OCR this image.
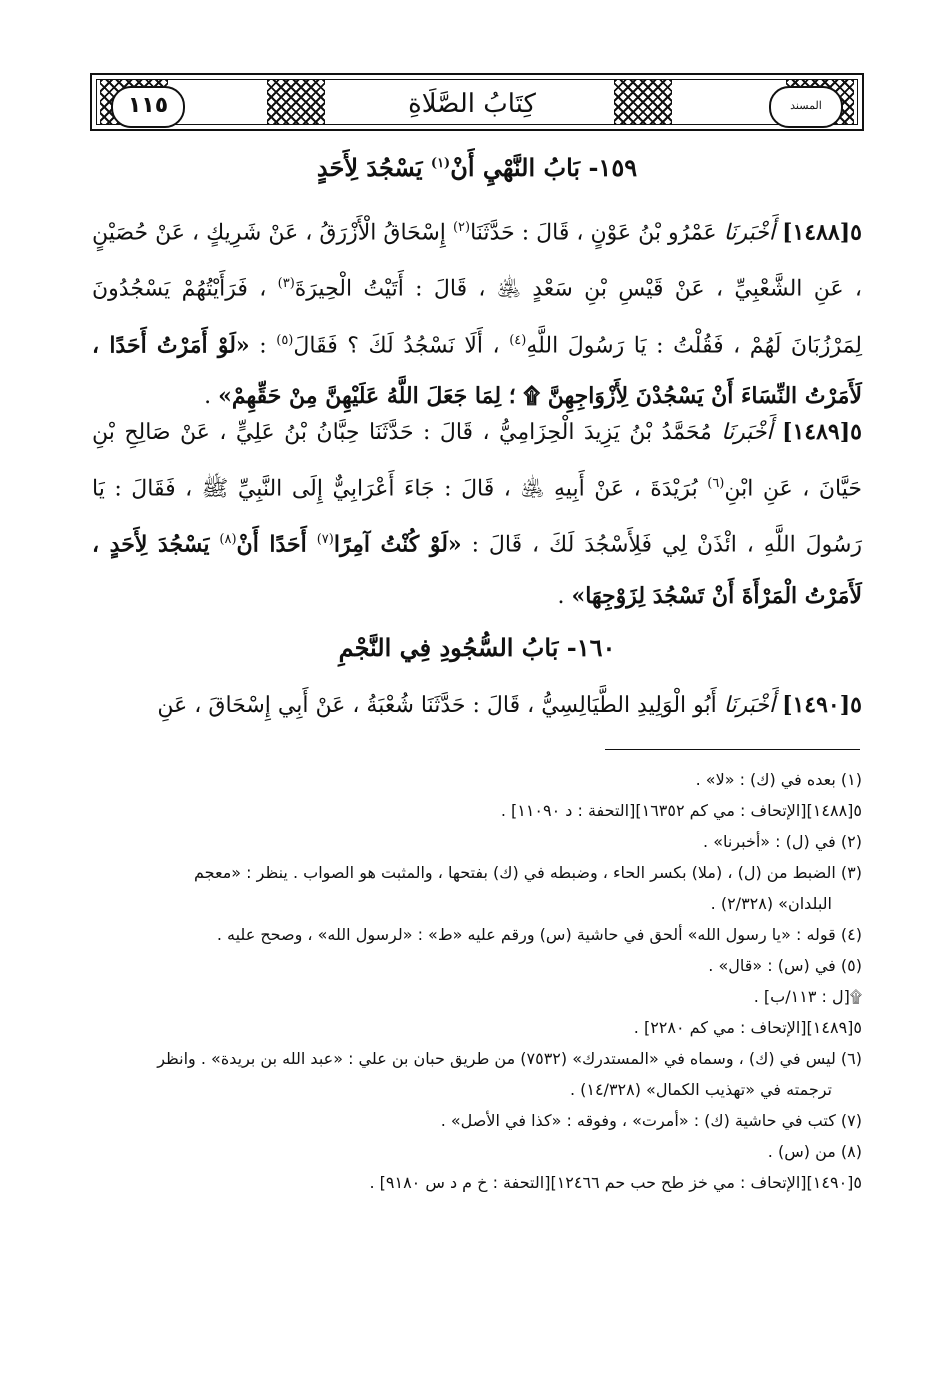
١١٥	كِتَابُ الصَّلَاةِ	المسند
١٥٩- بَابُ النَّهْيِ أَنْ$^{(١)}$ يَسْجُدَ لِأَحَدٍ
٥[١٤٨٨] أَخْبَرنَا عَمْرُو بْنُ عَوْنٍ ، قَالَ : حَدَّثَنَا$^{(٢)}$ إِسْحَاقُ الْأَزْرَقُ ، عَنْ شَرِيكٍ ، عَنْ حُصَيْنٍ ، عَنِ الشَّعْبِيِّ ، عَنْ قَيْسِ بْنِ سَعْدٍ ﵁ ، قَالَ : أَتَيْتُ الْحِيرَةَ$^{(٣)}$ ، فَرَأَيْتُهُمْ يَسْجُدُونَ لِمَرْزُبَانَ لَهُمْ ، فَقُلْتُ : يَا رَسُولَ اللَّهِ$^{(٤)}$ ، أَلَا نَسْجُدُ لَكَ ؟ فَقَالَ$^{(٥)}$ : «لَوْ أَمَرْتُ أَحَدًا ، لَأَمَرْتُ النِّسَاءَ أَنْ يَسْجُدْنَ لِأَزْوَاجِهِنَّ ۩ ؛ لِمَا جَعَلَ اللَّهُ عَلَيْهِنَّ مِنْ حَقِّهِمْ» .
٥[١٤٨٩] أَخْبَرنَا مُحَمَّدُ بْنُ يَزِيدَ الْحِزَامِيُّ ، قَالَ : حَدَّثَنَا حِبَّانُ بْنُ عَلِيٍّ ، عَنْ صَالِحِ بْنِ حَيَّانَ ، عَنِ ابْنِ$^{(٦)}$ بُرَيْدَةَ ، عَنْ أَبِيهِ ﵁ ، قَالَ : جَاءَ أَعْرَابِيٌّ إِلَى النَّبِيِّ ﷺ ، فَقَالَ : يَا رَسُولَ اللَّهِ ، ائْذَنْ لِي فَلِأَسْجُدَ لَكَ ، قَالَ : «لَوْ كُنْتُ آمِرًا$^{(٧)}$ أَحَدًا أَنْ$^{(٨)}$ يَسْجُدَ لِأَحَدٍ ، لَأَمَرْتُ الْمَرْأَةَ أَنْ تَسْجُدَ لِزَوْجِهَا» .
١٦٠- بَابُ السُّجُودِ فِي النَّجْمِ
٥[١٤٩٠] أَخْبَرنَا أَبُو الْوَلِيدِ الطَّيَالِسِيُّ ، قَالَ : حَدَّثَنَا شُعْبَةُ ، عَنْ أَبِي إِسْحَاقَ ، عَنِ
(١) بعده في (ك) : «لا» .
٥[١٤٨٨][الإتحاف : مي كم ١٦٣٥٢][التحفة : د ١١٠٩٠] .
(٢) في (ل) : «أخبرنا» .
(٣) الضبط من (ل) ، (ملا) بكسر الحاء ، وضبطه في (ك) بفتحها ، والمثبت هو الصواب . ينظر : «معجم
البلدان» (٢/٣٢٨) .
(٤) قوله : «يا رسول الله» ألحق في حاشية (س) ورقم عليه «ط» : «لرسول الله» ، وصحح عليه .
(٥) في (س) : «قال» .
۩[ل : ١١٣/ب] .
٥[١٤٨٩][الإتحاف : مي كم ٢٢٨٠] .
(٦) ليس في (ك) ، وسماه في «المستدرك» (٧٥٣٢) من طريق حبان بن علي : «عبد الله بن بريدة» . وانظر
ترجمته في «تهذيب الكمال» (١٤/٣٢٨) .
(٧) كتب في حاشية (ك) : «أمرت» ، وفوقه : «كذا في الأصل» .
(٨) من (س) .
٥[١٤٩٠][الإتحاف : مي خز طح حب حم ١٢٤٦٦][التحفة : خ م د س ٩١٨٠] .
